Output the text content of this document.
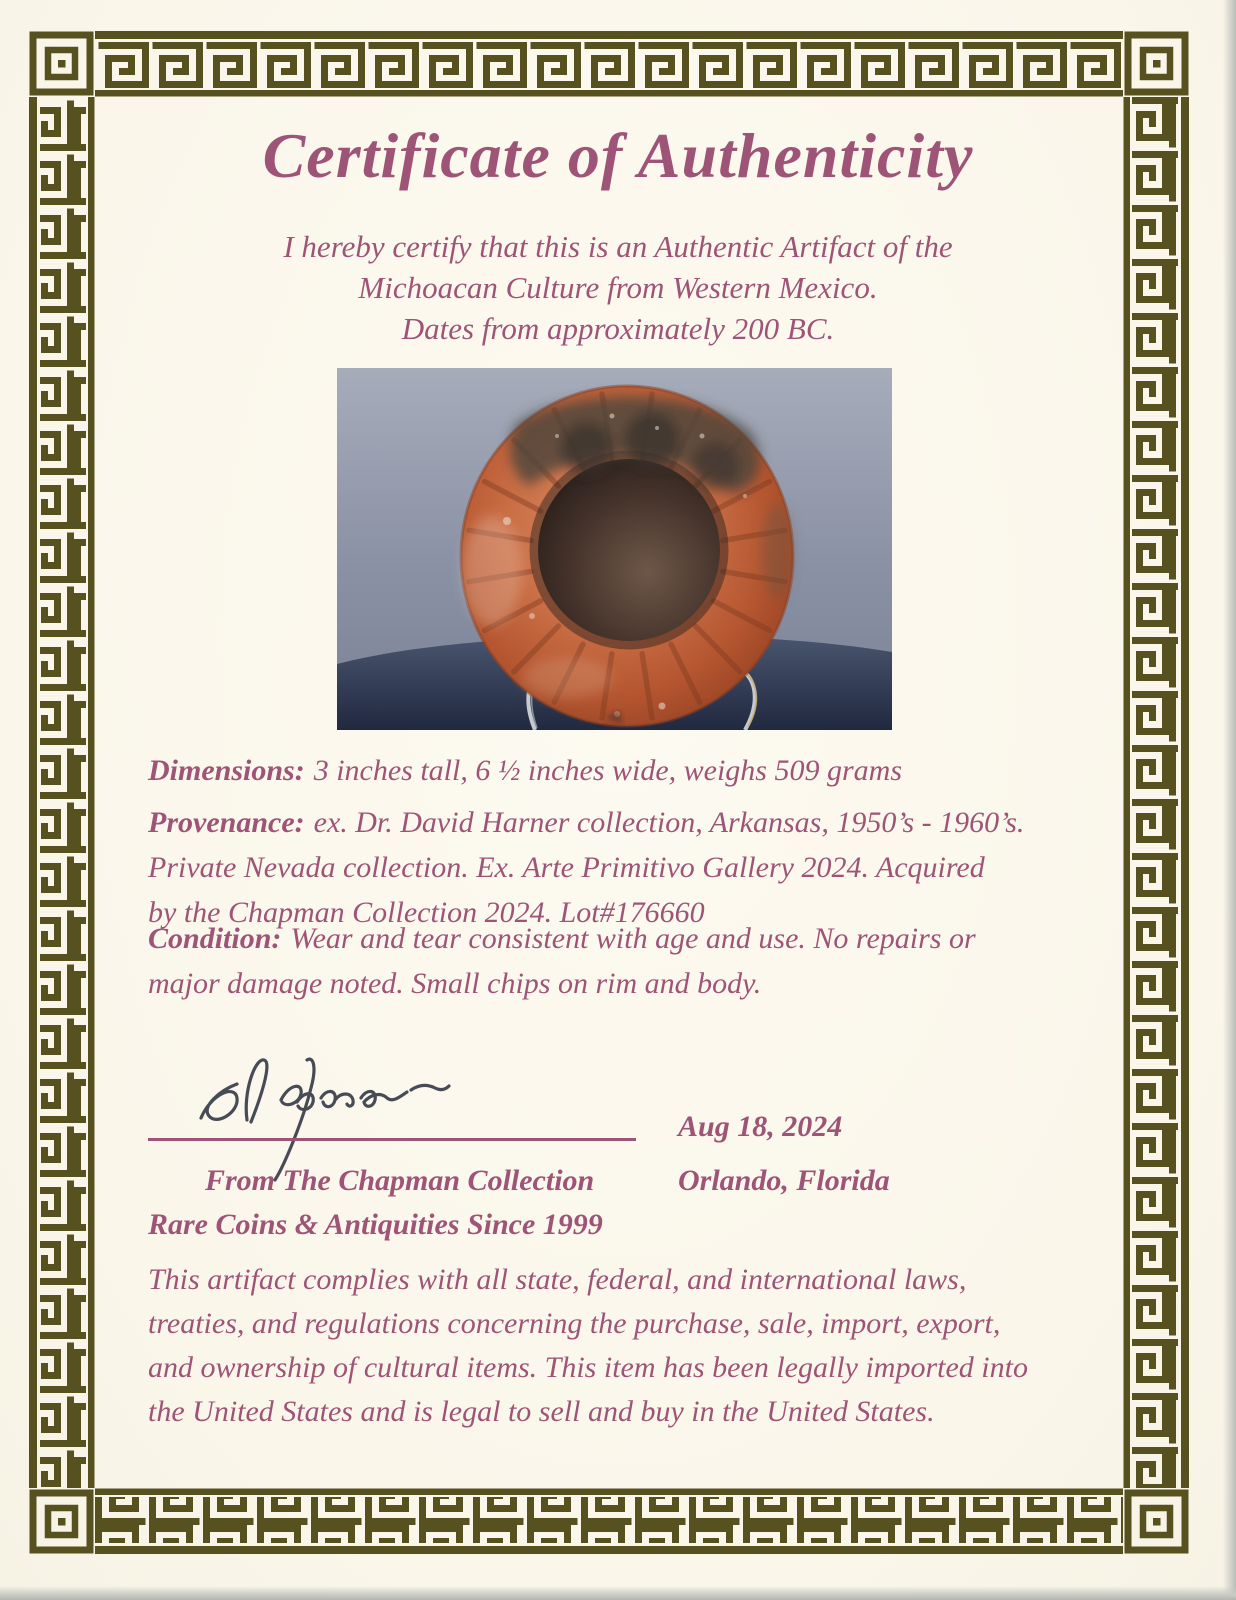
Certificate of Authenticity
I hereby certify that this is an Authentic Artifact of the
Michoacan Culture from Western Mexico.
Dates from approximately 200 BC.
Dimensions: 3 inches tall, 6 ½ inches wide, weighs 509 grams
Provenance: ex. Dr. David Harner collection, Arkansas, 1950’s - 1960’s.
Private Nevada collection. Ex. Arte Primitivo Gallery 2024. Acquired
by the Chapman Collection 2024. Lot#176660
Condition: Wear and tear consistent with age and use. No repairs or
major damage noted. Small chips on rim and body.
Aug 18, 2024
From The Chapman Collection	Orlando, Florida
Rare Coins & Antiquities Since 1999
This artifact complies with all state, federal, and international laws,
treaties, and regulations concerning the purchase, sale, import, export,
and ownership of cultural items. This item has been legally imported into
the United States and is legal to sell and buy in the United States.
